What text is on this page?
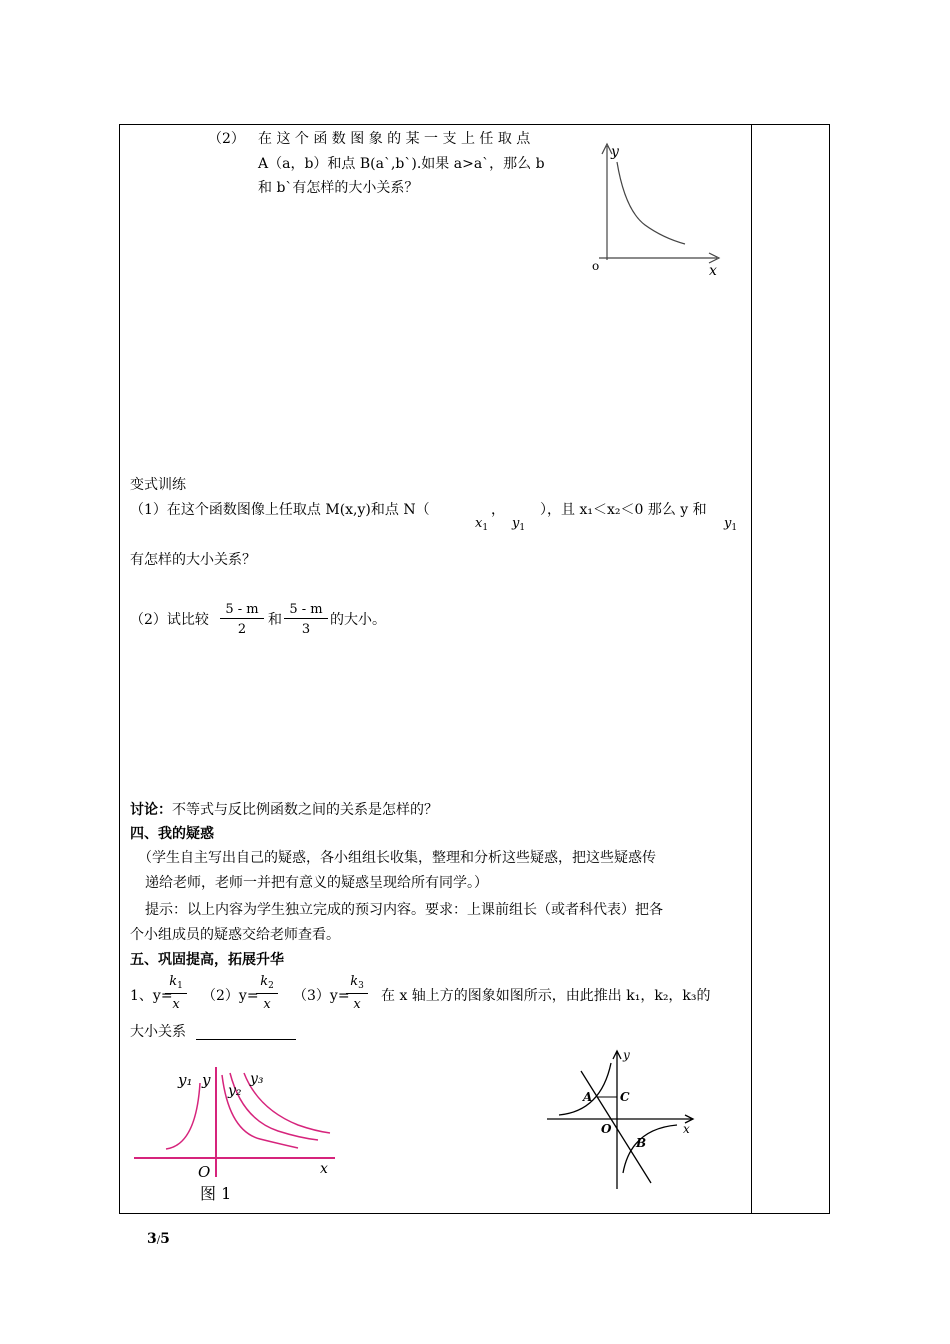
（2） 在 这 个 函 数 图 象 的 某 一 支 上 任 取 点
A（a，b）和点 B(a`,b`).如果 a>a`，那么 b
和 b`有怎样的大小关系？
y
x
o
变式训练
（1）在这个函数图像上任取点 M(x,y)和点 N（	，	），且 x₁＜x₂＜0 那么 y 和
$x_1$ $y_1$	$y_1$
有怎样的大小关系？
（2）试比较 $\frac{5 - m}{2}$ 和 $\frac{5 - m}{3}$ 的大小。
讨论：不等式与反比例函数之间的关系是怎样的？
四、我的疑惑
（学生自主写出自己的疑惑，各小组组长收集，整理和分析这些疑惑，把这些疑惑传
递给老师，老师一并把有意义的疑惑呈现给所有同学。）
提示：以上内容为学生独立完成的预习内容。要求：上课前组长（或者科代表）把各
个小组成员的疑惑交给老师查看。
五、巩固提高，拓展升华
1、y=
$\frac{k_1}{x} (2)y=$
$\frac{k_2}{x} (3)y=$
$\frac{k_3}{x}$ 在 x 轴上方的图象如图所示，由此推出 k₁，k₂，k₃的
大小关系
y₁ y
y₂
y₃
O	x
图 1
y
x
A C
O
B
3/5
